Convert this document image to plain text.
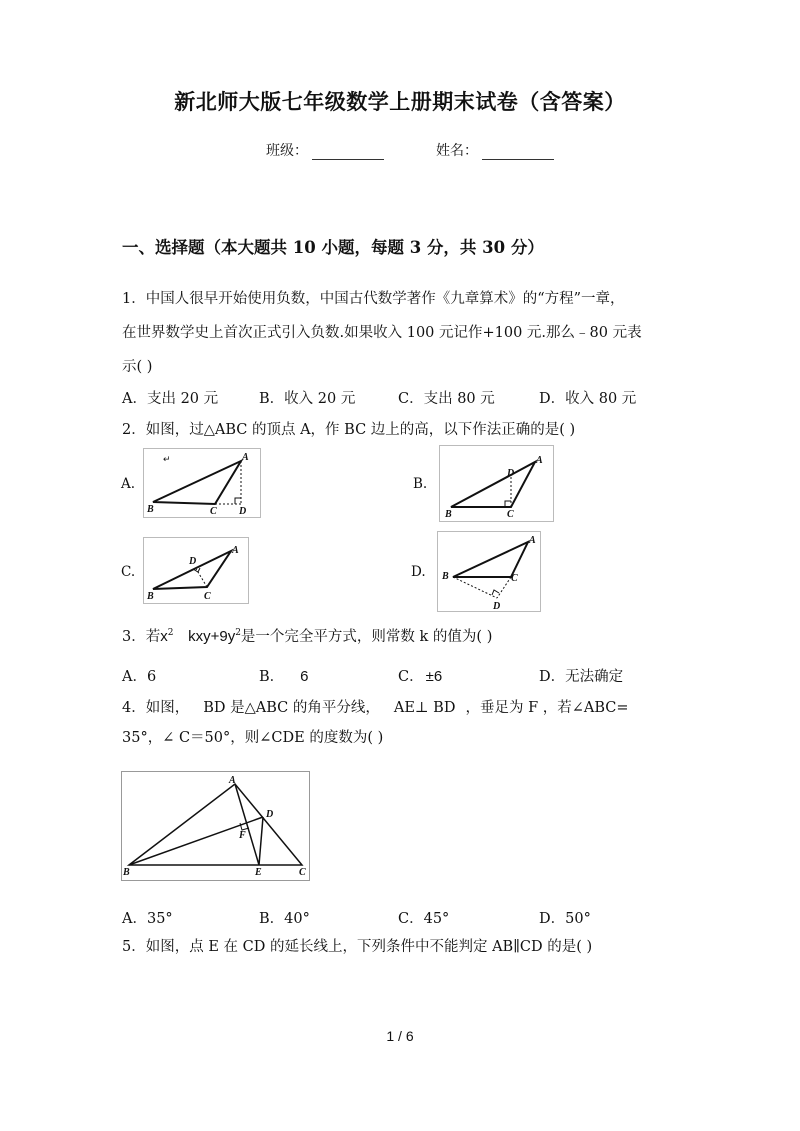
新北师大版七年级数学上册期末试卷（含答案）
班级：	姓名：
一、选择题（本大题共 10 小题，每题 3 分，共 30 分）
1．中国人很早开始使用负数，中国古代数学著作《九章算术》的“方程”一章，
在世界数学史上首次正式引入负数.如果收入 100 元记作+100 元.那么﹣80 元表
示( )
A．支出 20 元	B．收入 20 元	C．支出 80 元	D．收入 80 元
2．如图，过△ABC 的顶点 A，作 BC 边上的高，以下作法正确的是( )
A.
↵	A
B	C D
B.
A
B	C
D
C.
A
B	C
D
D.
A
B	C
D
3．若$x^2$ $kxy+9y^2$是一个完全平方式，则常数 k 的值为( )
A．6	B． 6	C． ±6	D．无法确定
4．如图， BD 是△ABC 的角平分线， AE⊥ BD ，垂足为 F ，若∠ABC=
35°，∠ C＝50°，则∠CDE 的度数为( )
A
B	C
D
E
F
A．35°	B．40°	C．45°	D．50°
5．如图，点 E 在 CD 的延长线上，下列条件中不能判定 AB∥CD 的是( )
1 / 6
